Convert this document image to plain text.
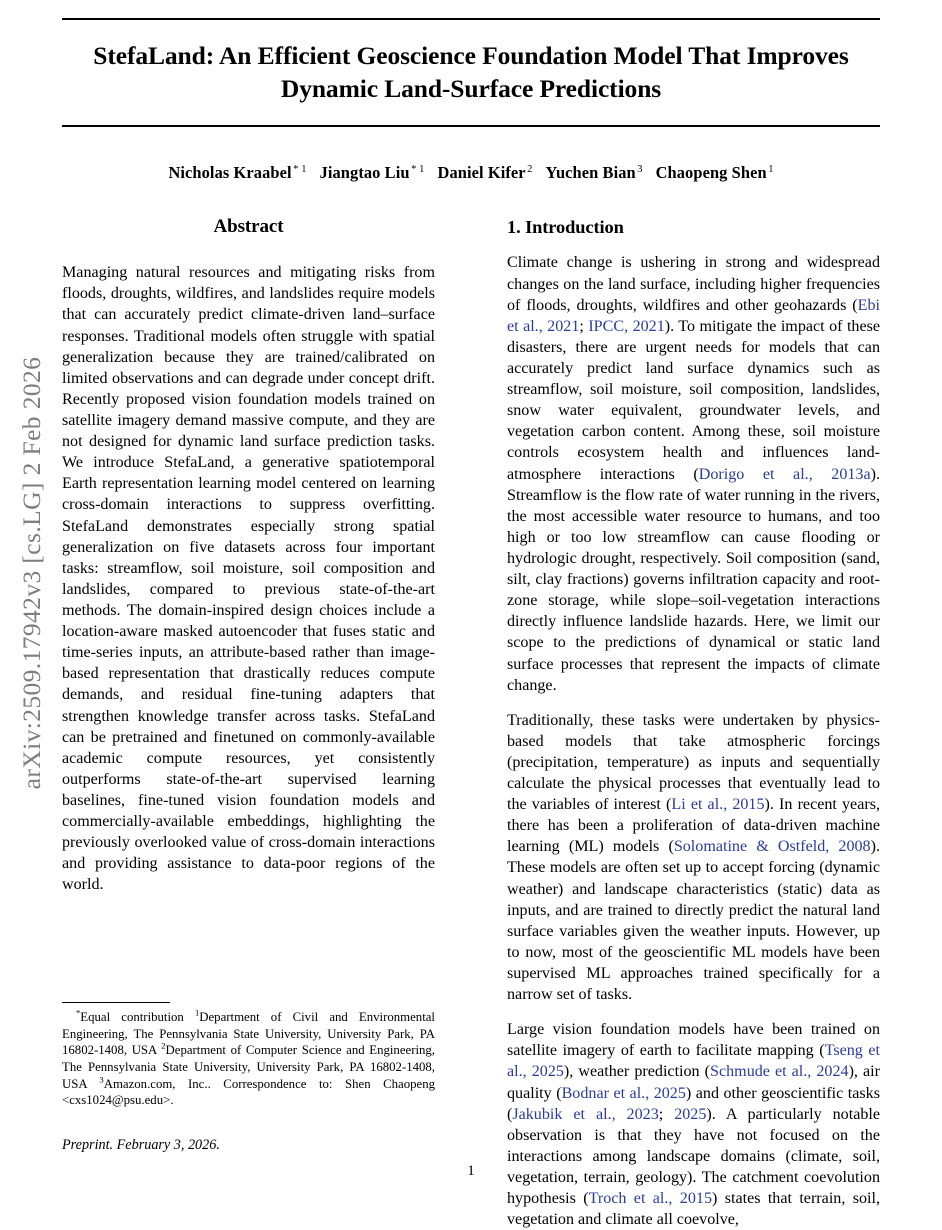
arXiv:2509.17942v3 [cs.LG] 2 Feb 2026
StefaLand: An Efficient Geoscience Foundation Model That Improves Dynamic Land-Surface Predictions
Nicholas Kraabel $^{* 1}$ Jiangtao Liu $^{* 1}$ Daniel Kifer $^2$ Yuchen Bian $^3$ Chaopeng Shen $^1$
Abstract

Managing natural resources and mitigating risks from floods, droughts, wildfires, and landslides require models that can accurately predict climate-driven land–surface responses. Traditional models often struggle with spatial generalization because they are trained/calibrated on limited observations and can degrade under concept drift. Recently proposed vision foundation models trained on satellite imagery demand massive compute, and they are not designed for dynamic land surface prediction tasks. We introduce StefaLand, a generative spatiotemporal Earth representation learning model centered on learning cross-domain interactions to suppress overfitting. StefaLand demonstrates especially strong spatial generalization on five datasets across four important tasks: streamflow, soil moisture, soil composition and landslides, compared to previous state-of-the-art methods. The domain-inspired design choices include a location-aware masked autoencoder that fuses static and time-series inputs, an attribute-based rather than image-based representation that drastically reduces compute demands, and residual fine-tuning adapters that strengthen knowledge transfer across tasks. StefaLand can be pretrained and finetuned on commonly-available academic compute resources, yet consistently outperforms state-of-the-art supervised learning baselines, fine-tuned vision foundation models and commercially-available embeddings, highlighting the previously overlooked value of cross-domain interactions and providing assistance to data-poor regions of the world.

1. Introduction

Climate change is ushering in strong and widespread changes on the land surface, including higher frequencies of floods, droughts, wildfires and other geohazards (Ebi et al., 2021; IPCC, 2021). To mitigate the impact of these disasters, there are urgent needs for models that can accurately predict land surface dynamics such as streamflow, soil moisture, soil composition, landslides, snow water equivalent, groundwater levels, and vegetation carbon content. Among these, soil moisture controls ecosystem health and influences land-atmosphere interactions (Dorigo et al., 2013a). Streamflow is the flow rate of water running in the rivers, the most accessible water resource to humans, and too high or too low streamflow can cause flooding or hydrologic drought, respectively. Soil composition (sand, silt, clay fractions) governs infiltration capacity and root-zone storage, while slope–soil-vegetation interactions directly influence landslide hazards. Here, we limit our scope to the predictions of dynamical or static land surface processes that represent the impacts of climate change.

Traditionally, these tasks were undertaken by physics-based models that take atmospheric forcings (precipitation, temperature) as inputs and sequentially calculate the physical processes that eventually lead to the variables of interest (Li et al., 2015). In recent years, there has been a proliferation of data-driven machine learning (ML) models (Solomatine & Ostfeld, 2008). These models are often set up to accept forcing (dynamic weather) and landscape characteristics (static) data as inputs, and are trained to directly predict the natural land surface variables given the weather inputs. However, up to now, most of the geoscientific ML models have been supervised ML approaches trained specifically for a narrow set of tasks.

Large vision foundation models have been trained on satellite imagery of earth to facilitate mapping (Tseng et al., 2025), weather prediction (Schmude et al., 2024), air quality (Bodnar et al., 2025) and other geoscientific tasks (Jakubik et al., 2023; 2025). A particularly notable observation is that they have not focused on the interactions among landscape domains (climate, soil, vegetation, terrain, geology). The catchment coevolution hypothesis (Troch et al., 2015) states that terrain, soil, vegetation and climate all coevolve,

*Equal contribution $^1$Department of Civil and Environmental Engineering, The Pennsylvania State University, University Park, PA 16802-1408, USA $^2$Department of Computer Science and Engineering, The Pennsylvania State University, University Park, PA 16802-1408, USA $^3$Amazon.com, Inc.. Correspondence to: Shen Chaopeng <cxs1024@psu.edu>.

Preprint. February 3, 2026.
1
